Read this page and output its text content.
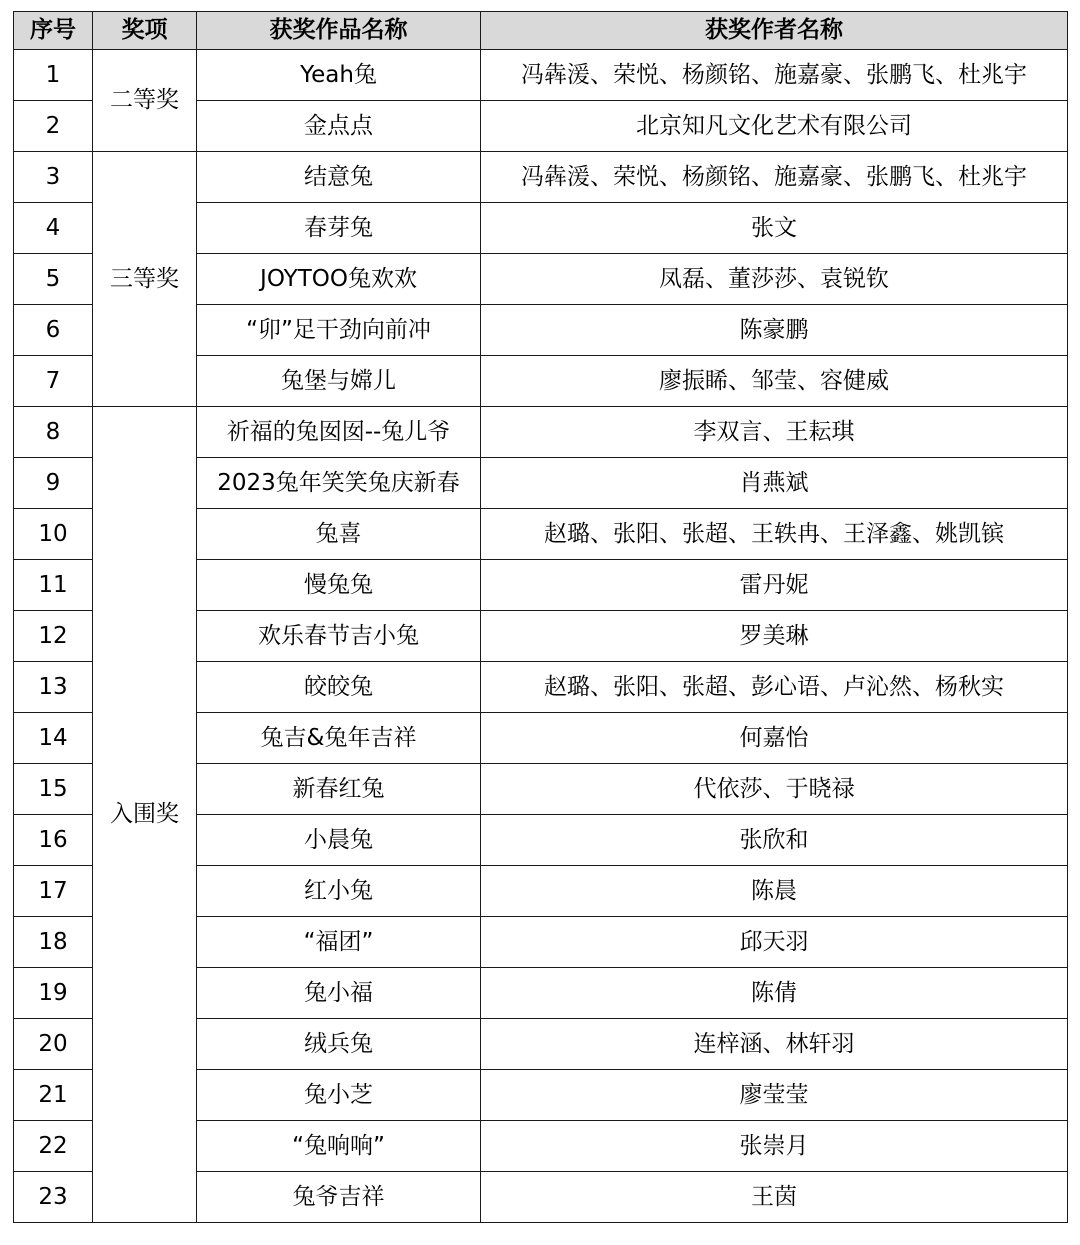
序号	奖项	获奖作品名称	获奖作者名称
1	二等奖	Yeah兔	冯犇湲、荣悦、杨颜铭、施嘉豪、张鹏飞、杜兆宇
2		金点点	北京知凡文化艺术有限公司
3	三等奖	结意兔	冯犇湲、荣悦、杨颜铭、施嘉豪、张鹏飞、杜兆宇
4		春芽兔	张文
5		JOYTOO兔欢欢	凤磊、董莎莎、袁锐钦
6		“卯”足干劲向前冲	陈豪鹏
7		兔堡与嫦儿	廖振睎、邹莹、容健威
8	入围奖	祈福的兔囡囡--兔儿爷	李双言、王耘琪
9		2023兔年笑笑兔庆新春	肖燕斌
10		兔喜	赵璐、张阳、张超、王轶冉、王泽鑫、姚凯镔
11		慢兔兔	雷丹妮
12		欢乐春节吉小兔	罗美琳
13		皎皎兔	赵璐、张阳、张超、彭心语、卢沁然、杨秋实
14		兔吉&兔年吉祥	何嘉怡
15		新春红兔	代依莎、于晓禄
16		小晨兔	张欣和
17		红小兔	陈晨
18		“福团”	邱天羽
19		兔小福	陈倩
20		绒兵兔	连梓涵、林轩羽
21		兔小芝	廖莹莹
22		“兔响响”	张崇月
23		兔爷吉祥	王茵
